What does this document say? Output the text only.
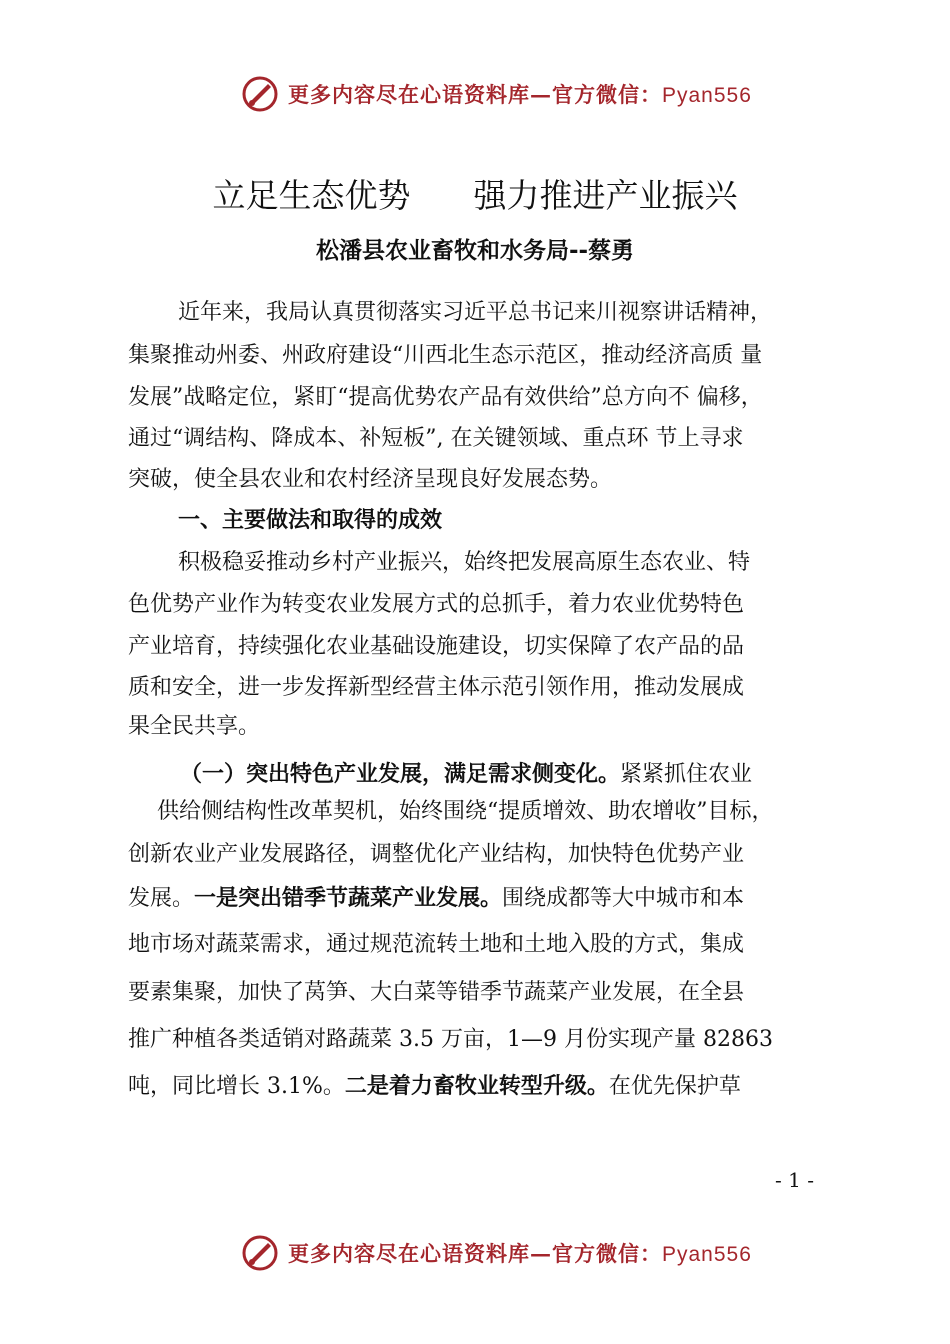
更多内容尽在心语资料库—官方微信：Pyan556
立足生态优势      强力推进产业振兴
松潘县农业畜牧和水务局--蔡勇
近年来，我局认真贯彻落实习近平总书记来川视察讲话精神，
集聚推动州委、州政府建设“川西北生态示范区，推动经济高质 量
发展”战略定位，紧盯“提高优势农产品有效供给”总方向不 偏移，
通过“调结构、降成本、补短板”, 在关键领域、重点环 节上寻求
突破，使全县农业和农村经济呈现良好发展态势。
一、主要做法和取得的成效
积极稳妥推动乡村产业振兴，始终把发展高原生态农业、特
色优势产业作为转变农业发展方式的总抓手，着力农业优势特色
产业培育，持续强化农业基础设施建设，切实保障了农产品的品
质和安全，进一步发挥新型经营主体示范引领作用，推动发展成
果全民共享。
（一）突出特色产业发展，满足需求侧变化。紧紧抓住农业
供给侧结构性改革契机，始终围绕“提质增效、助农增收”目标，
创新农业产业发展路径，调整优化产业结构，加快特色优势产业
发展。一是突出错季节蔬菜产业发展。围绕成都等大中城市和本
地市场对蔬菜需求，通过规范流转土地和土地入股的方式，集成
要素集聚，加快了莴笋、大白菜等错季节蔬菜产业发展，在全县
推广种植各类适销对路蔬菜 3.5 万亩，1—9 月份实现产量 82863
吨，同比增长 3.1%。二是着力畜牧业转型升级。在优先保护草
- 1 -
更多内容尽在心语资料库—官方微信：Pyan556
